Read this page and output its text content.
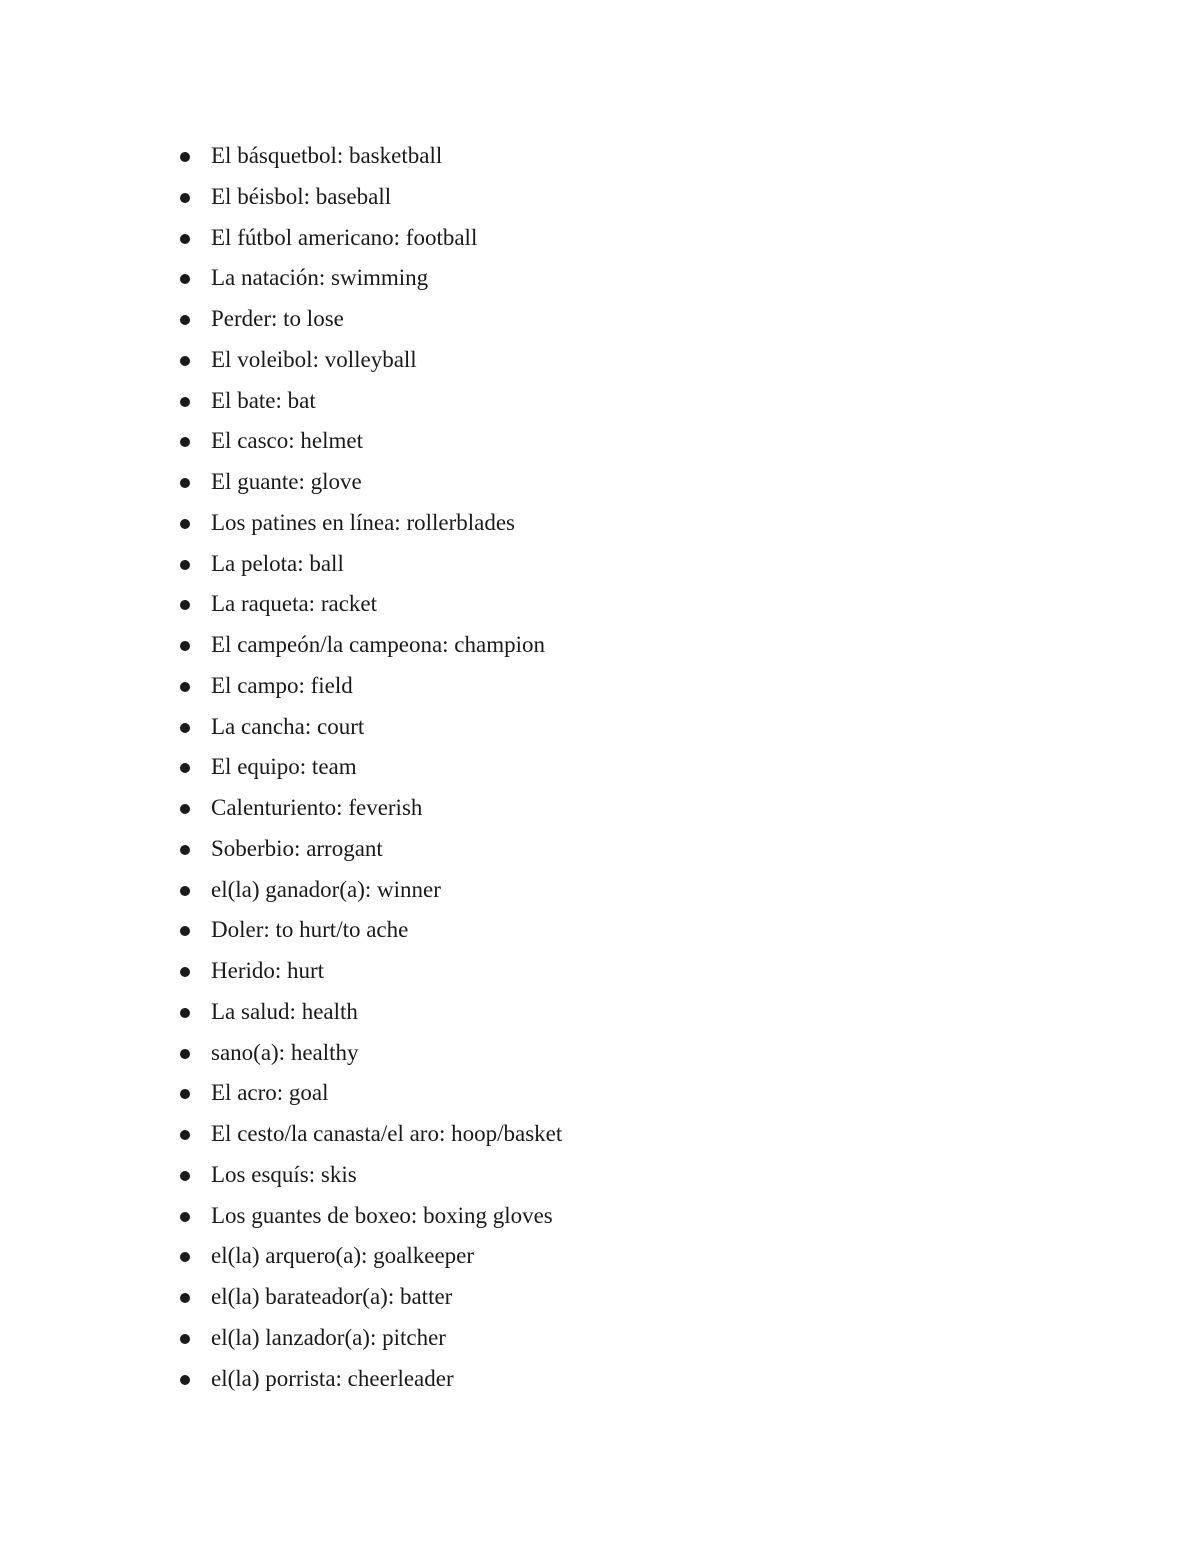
El básquetbol: basketball
El béisbol: baseball
El fútbol americano: football
La natación: swimming
Perder: to lose
El voleibol: volleyball
El bate: bat
El casco: helmet
El guante: glove
Los patines en línea: rollerblades
La pelota: ball
La raqueta: racket
El campeón/la campeona: champion
El campo: field
La cancha: court
El equipo: team
Calenturiento: feverish
Soberbio: arrogant
el(la) ganador(a): winner
Doler: to hurt/to ache
Herido: hurt
La salud: health
sano(a): healthy
El acro: goal
El cesto/la canasta/el aro: hoop/basket
Los esquís: skis
Los guantes de boxeo: boxing gloves
el(la) arquero(a): goalkeeper
el(la) barateador(a): batter
el(la) lanzador(a): pitcher
el(la) porrista: cheerleader
